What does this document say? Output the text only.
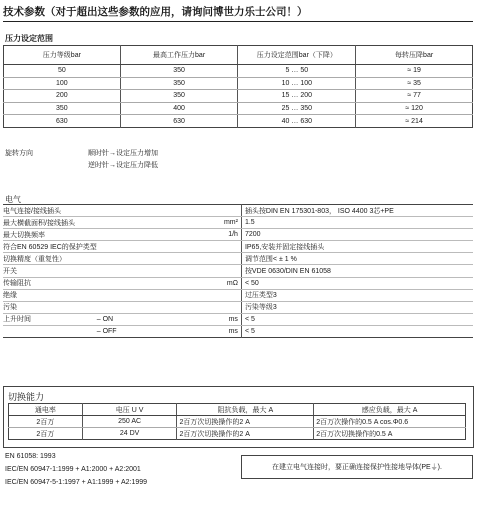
技术参数（对于超出这些参数的应用，请询问博世力乐士公司！）
压力设定范围
压力等级bar	最高工作压力bar	压力设定范围bar（下降）	每转压降bar
50	350	5 … 50	≈ 19
100	350	10 … 100	≈ 35
200	350	15 … 200	≈ 77
350	400	25 … 350	≈ 120
630	630	40 … 630	≈ 214
旋转方向	顺时针→设定压力增加
逆时针→设定压力降低
电气
电气连接/接线插头			插头按DIN EN 175301-803， ISO 4400 3芯+PE
最大横截面积/接线插头		mm²	1.5
最大切换频率		1/h	7200
符合EN 60529 IEC的保护类型			IP65,安装并固定接线插头
切换精度（重复性）			调节范围< ± 1 %
开关			按VDE 0630/DIN EN 61058
传输阻抗		mΩ	< 50
绝缘			过压类型3
污染			污染等级3
上升时间	– ON	ms	< 5
	– OFF	ms	< 5
切换能力
通电率	电压 U V	阻抗负载，最大 A	感应负载，最大 A
2百万	250 AC	2百万次切换操作的2 A	2百万次操作的0.5 A cos.Φ0.6
2百万	24 DV	2百万次切换操作的2 A	2百万次切换操作的0.5 A
EN 61058: 1993
IEC/EN 60947-1:1999 + A1:2000 + A2:2001
IEC/EN 60947-5-1:1997 + A1:1999 + A2:1999
在建立电气连接时，要正确连接保护性接地导体(PE⏚).
